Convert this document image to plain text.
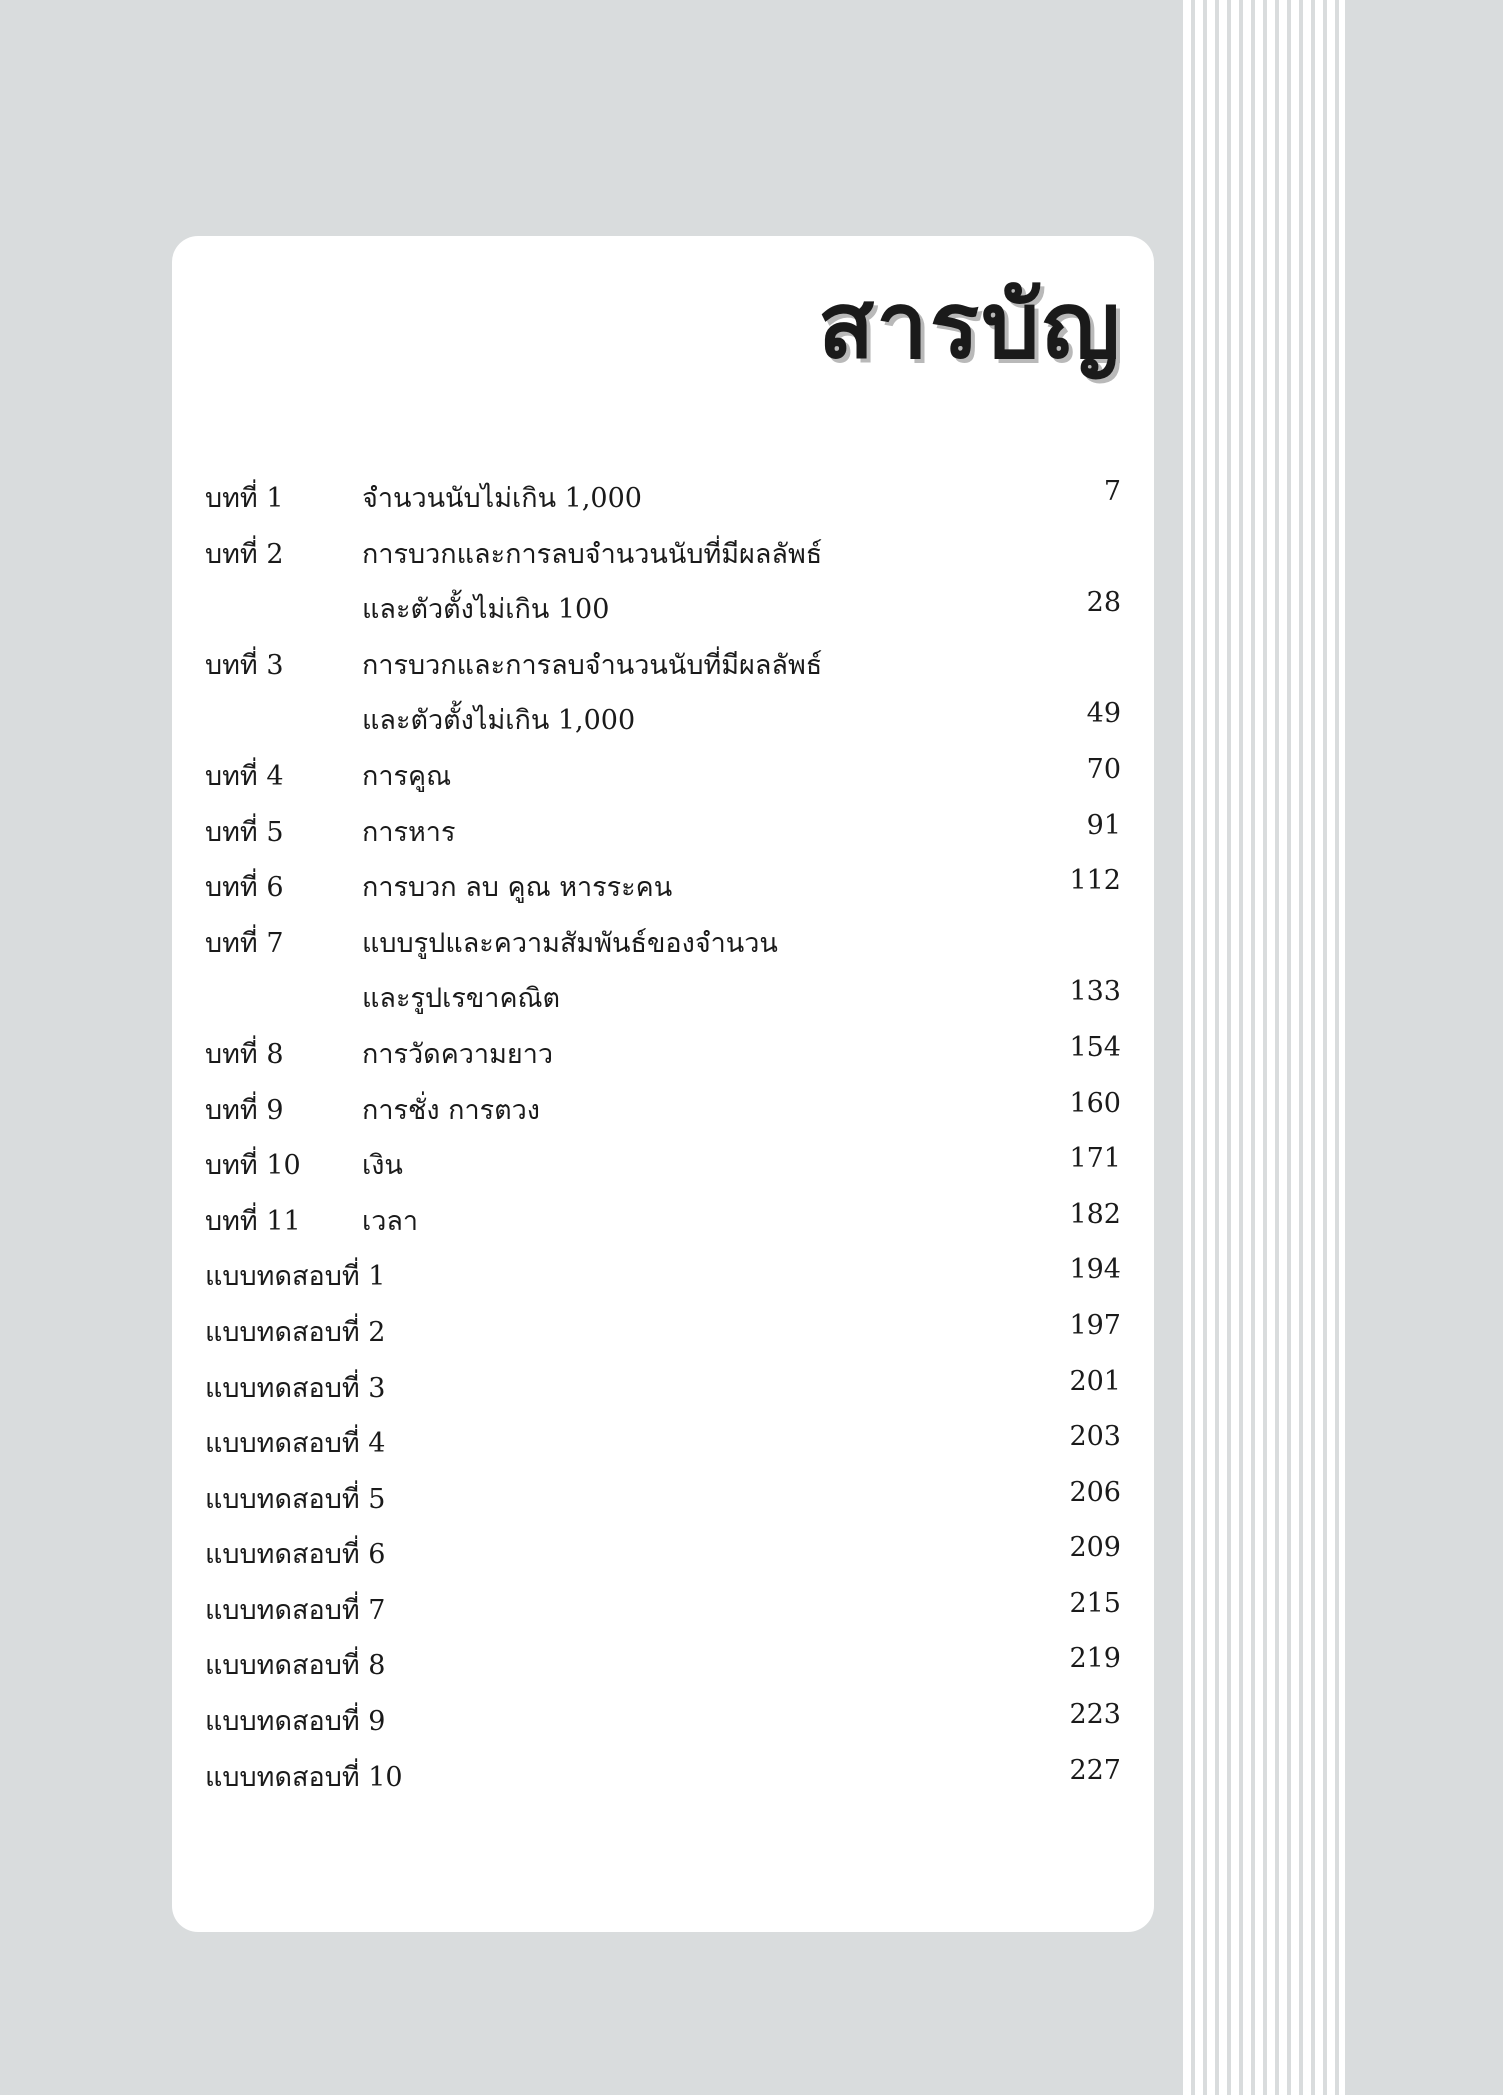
สารบัญ
บทที่ 1	จำนวนนับไม่เกิน 1,000	7
บทที่ 2	การบวกและการลบจำนวนนับที่มีผลลัพธ์
และตัวตั้งไม่เกิน 100	28
บทที่ 3	การบวกและการลบจำนวนนับที่มีผลลัพธ์
และตัวตั้งไม่เกิน 1,000	49
บทที่ 4	การคูณ	70
บทที่ 5	การหาร	91
บทที่ 6	การบวก ลบ คูณ หารระคน	112
บทที่ 7	แบบรูปและความสัมพันธ์ของจำนวน
และรูปเรขาคณิต	133
บทที่ 8	การวัดความยาว	154
บทที่ 9	การชั่ง การตวง	160
บทที่ 10 เงิน	171
บทที่ 11 เวลา	182
แบบทดสอบที่ 1	194
แบบทดสอบที่ 2	197
แบบทดสอบที่ 3	201
แบบทดสอบที่ 4	203
แบบทดสอบที่ 5	206
แบบทดสอบที่ 6	209
แบบทดสอบที่ 7	215
แบบทดสอบที่ 8	219
แบบทดสอบที่ 9	223
แบบทดสอบที่ 10	227
